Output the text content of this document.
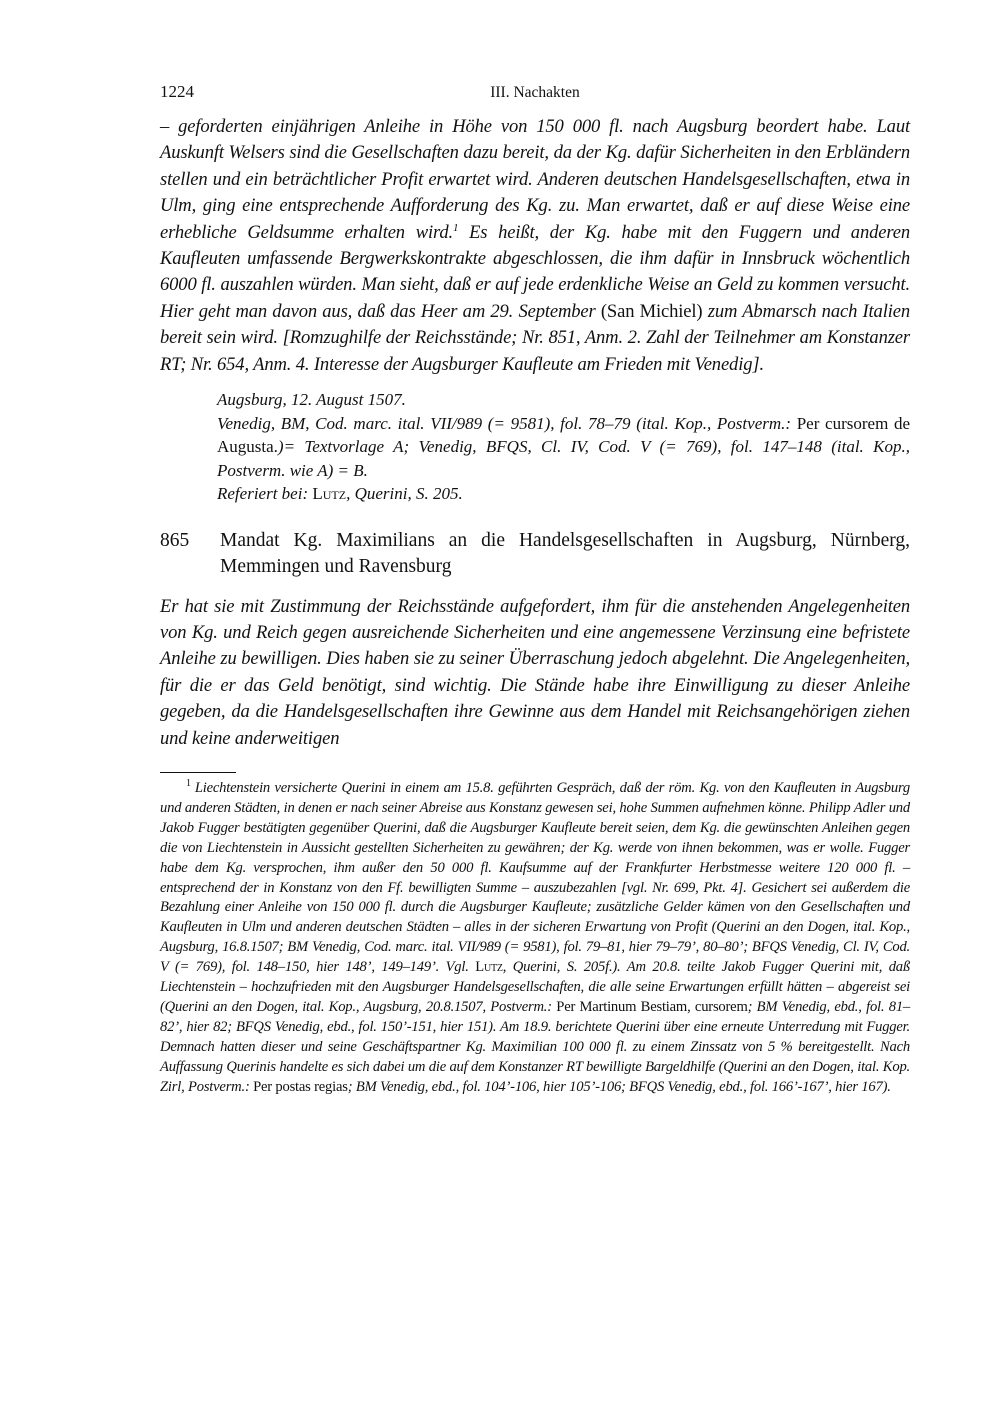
1224	III. Nachakten

– geforderten einjährigen Anleihe in Höhe von 150 000 fl. nach Augsburg beordert habe. Laut Auskunft Welsers sind die Gesellschaften dazu bereit, da der Kg. dafür Sicherheiten in den Erbländern stellen und ein beträchtlicher Profit erwartet wird. Anderen deutschen Handelsgesellschaften, etwa in Ulm, ging eine entsprechende Aufforderung des Kg. zu. Man erwartet, daß er auf diese Weise eine erhebliche Geldsumme erhalten wird.$^1$ Es heißt, der Kg. habe mit den Fuggern und anderen Kaufleuten umfassende Bergwerkskontrakte abgeschlossen, die ihm dafür in Innsbruck wöchentlich 6000 fl. auszahlen würden. Man sieht, daß er auf jede erdenkliche Weise an Geld zu kommen versucht. Hier geht man davon aus, daß das Heer am 29. September (San Michiel) zum Abmarsch nach Italien bereit sein wird. [Romzughilfe der Reichsstände; Nr. 851, Anm. 2. Zahl der Teilnehmer am Konstanzer RT; Nr. 654, Anm. 4. Interesse der Augsburger Kaufleute am Frieden mit Venedig].

Augsburg, 12. August 1507.
Venedig, BM, Cod. marc. ital. VII/989 (= 9581), fol. 78–79 (ital. Kop., Postverm.: Per cursorem de Augusta.)= Textvorlage A; Venedig, BFQS, Cl. IV, Cod. V (= 769), fol. 147–148 (ital. Kop., Postverm. wie A) = B.
Referiert bei: Lutz, Querini, S. 205.
865	Mandat Kg. Maximilians an die Handelsgesellschaften in Augsburg, Nürnberg, Memmingen und Ravensburg

Er hat sie mit Zustimmung der Reichsstände aufgefordert, ihm für die anstehenden Angelegenheiten von Kg. und Reich gegen ausreichende Sicherheiten und eine angemessene Verzinsung eine befristete Anleihe zu bewilligen. Dies haben sie zu seiner Überraschung jedoch abgelehnt. Die Angelegenheiten, für die er das Geld benötigt, sind wichtig. Die Stände habe ihre Einwilligung zu dieser Anleihe gegeben, da die Handelsgesellschaften ihre Gewinne aus dem Handel mit Reichsangehörigen ziehen und keine anderweitigen

$^1$ Liechtenstein versicherte Querini in einem am 15.8. geführten Gespräch, daß der röm. Kg. von den Kaufleuten in Augsburg und anderen Städten, in denen er nach seiner Abreise aus Konstanz gewesen sei, hohe Summen aufnehmen könne. Philipp Adler und Jakob Fugger bestätigten gegenüber Querini, daß die Augsburger Kaufleute bereit seien, dem Kg. die gewünschten Anleihen gegen die von Liechtenstein in Aussicht gestellten Sicherheiten zu gewähren; der Kg. werde von ihnen bekommen, was er wolle. Fugger habe dem Kg. versprochen, ihm außer den 50 000 fl. Kaufsumme auf der Frankfurter Herbstmesse weitere 120 000 fl. – entsprechend der in Konstanz von den Ff. bewilligten Summe – auszubezahlen [vgl. Nr. 699, Pkt. 4]. Gesichert sei außerdem die Bezahlung einer Anleihe von 150 000 fl. durch die Augsburger Kaufleute; zusätzliche Gelder kämen von den Gesellschaften und Kaufleuten in Ulm und anderen deutschen Städten – alles in der sicheren Erwartung von Profit (Querini an den Dogen, ital. Kop., Augsburg, 16.8.1507; BM Venedig, Cod. marc. ital. VII/989 (= 9581), fol. 79–81, hier 79–79’, 80–80’; BFQS Venedig, Cl. IV, Cod. V (= 769), fol. 148–150, hier 148’, 149–149’. Vgl. Lutz, Querini, S. 205f.). Am 20.8. teilte Jakob Fugger Querini mit, daß Liechtenstein – hochzufrieden mit den Augsburger Handelsgesellschaften, die alle seine Erwartungen erfüllt hätten – abgereist sei (Querini an den Dogen, ital. Kop., Augsburg, 20.8.1507, Postverm.: Per Martinum Bestiam, cursorem; BM Venedig, ebd., fol. 81–82’, hier 82; BFQS Venedig, ebd., fol. 150’-151, hier 151). Am 18.9. berichtete Querini über eine erneute Unterredung mit Fugger. Demnach hatten dieser und seine Geschäftspartner Kg. Maximilian 100 000 fl. zu einem Zinssatz von 5 % bereitgestellt. Nach Auffassung Querinis handelte es sich dabei um die auf dem Konstanzer RT bewilligte Bargeldhilfe (Querini an den Dogen, ital. Kop. Zirl, Postverm.: Per postas regias; BM Venedig, ebd., fol. 104’-106, hier 105’-106; BFQS Venedig, ebd., fol. 166’-167’, hier 167).
